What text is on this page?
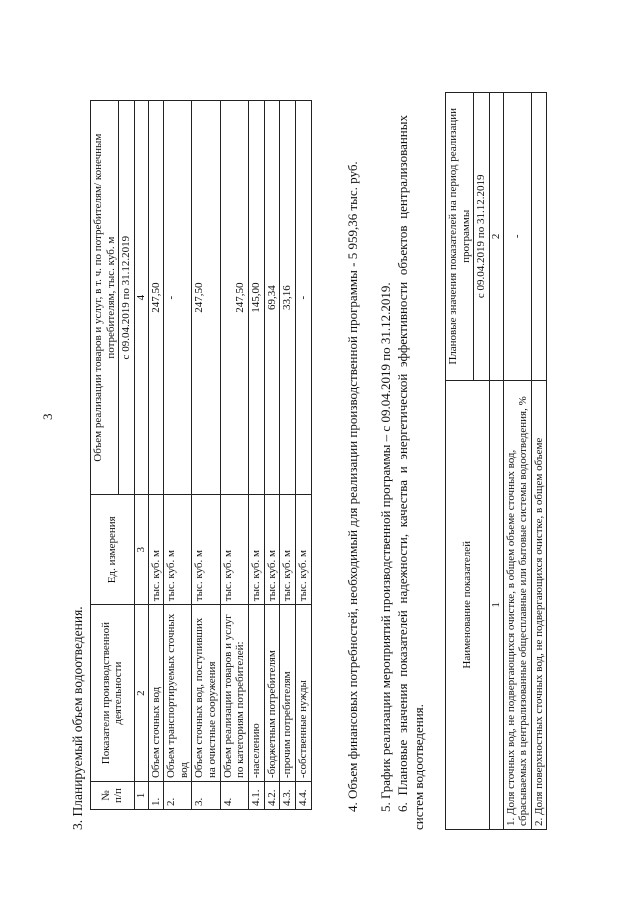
3
3. Планируемый объем водоотведения. № п/п	Показатели производственной деятельности	Ед. измерения	Объем реализации товаров и услуг, в т. ч. по потребителям/ конечным потребителям, тыс. куб. м
			с 09.04.2019 по 31.12.2019
1	2	3	4
1.	Объем сточных вод	тыс. куб. м	247,50
2.	Объем транспортируемых сточных вод	тыс. куб. м	-
3.	Объем сточных вод, поступивших на очистные сооружения	тыс. куб. м	247,50
4.	Объем реализации товаров и услуг по категориям потребителей:	тыс. куб. м	247,50
4.1.	-населению	тыс. куб. м	145,00
4.2.	-бюджетным потребителям	тыс. куб. м	69,34
4.3.	-прочим потребителям	тыс. куб. м	33,16
4.4.	-собственные нужды	тыс. куб. м	-	4. Объем финансовых потребностей, необходимый для реализации производственной программы - 5 959,36 тыс. руб. 5. График реализации мероприятий производственной программы – с 09.04.2019 по 31.12.2019. 6. Плановые значения показателей надежности, качества и энергетической эффективности объектов централизованных систем водоотведения.
Наименование показателей	Плановые значения показателей на период реализации программы
	с 09.04.2019 по 31.12.2019
1	2
1. Доля сточных вод, не подвергающихся очистке, в общем объеме сточных вод, сбрасываемых в централизованные общесплавные или бытовые системы водоотведения, %	-
2. Доля поверхностных сточных вод, не подвергающихся очистке, в общем объеме	
